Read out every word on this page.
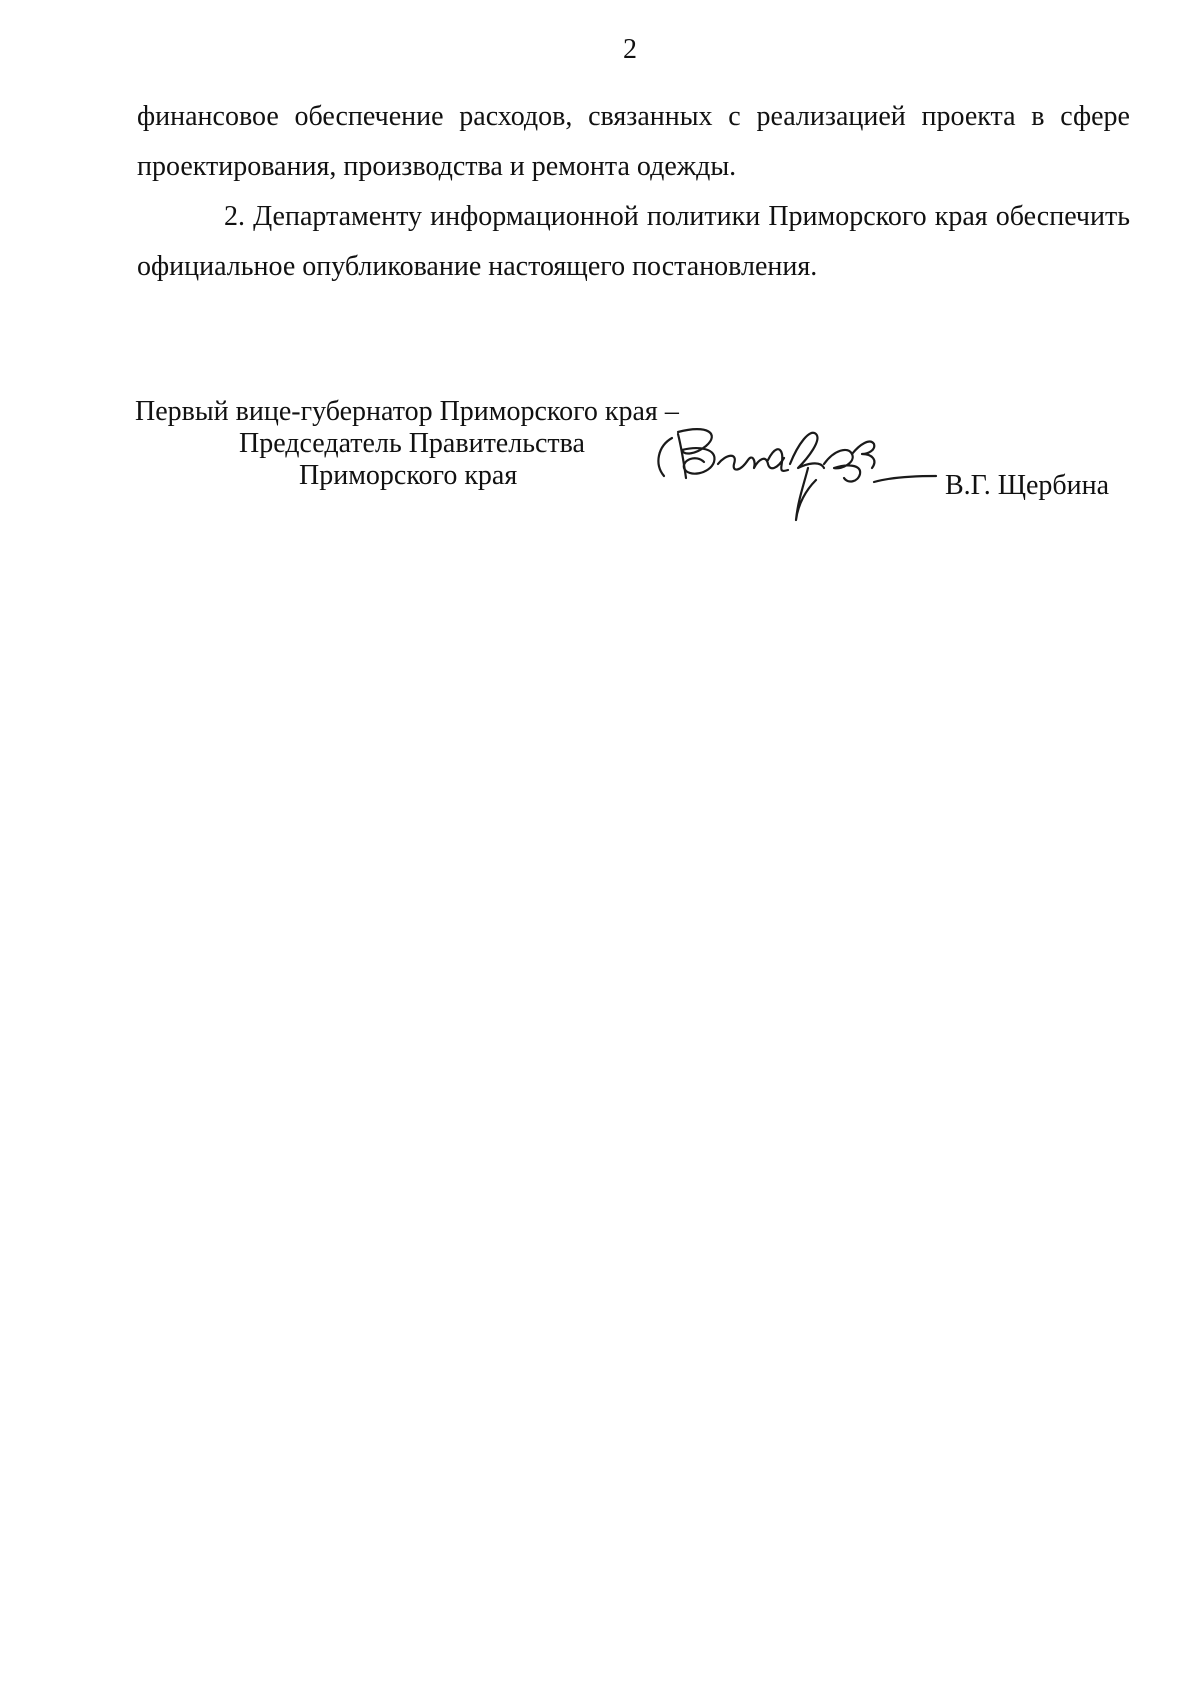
2

финансовое обеспечение расходов, связанных с реализацией проекта в сфере проектирования, производства и ремонта одежды.

2. Департаменту информационной политики Приморского края обеспечить официальное опубликование настоящего постановления.

Первый вице-губернатор Приморского края –
Председатель Правительства
Приморского края	В.Г. Щербина
